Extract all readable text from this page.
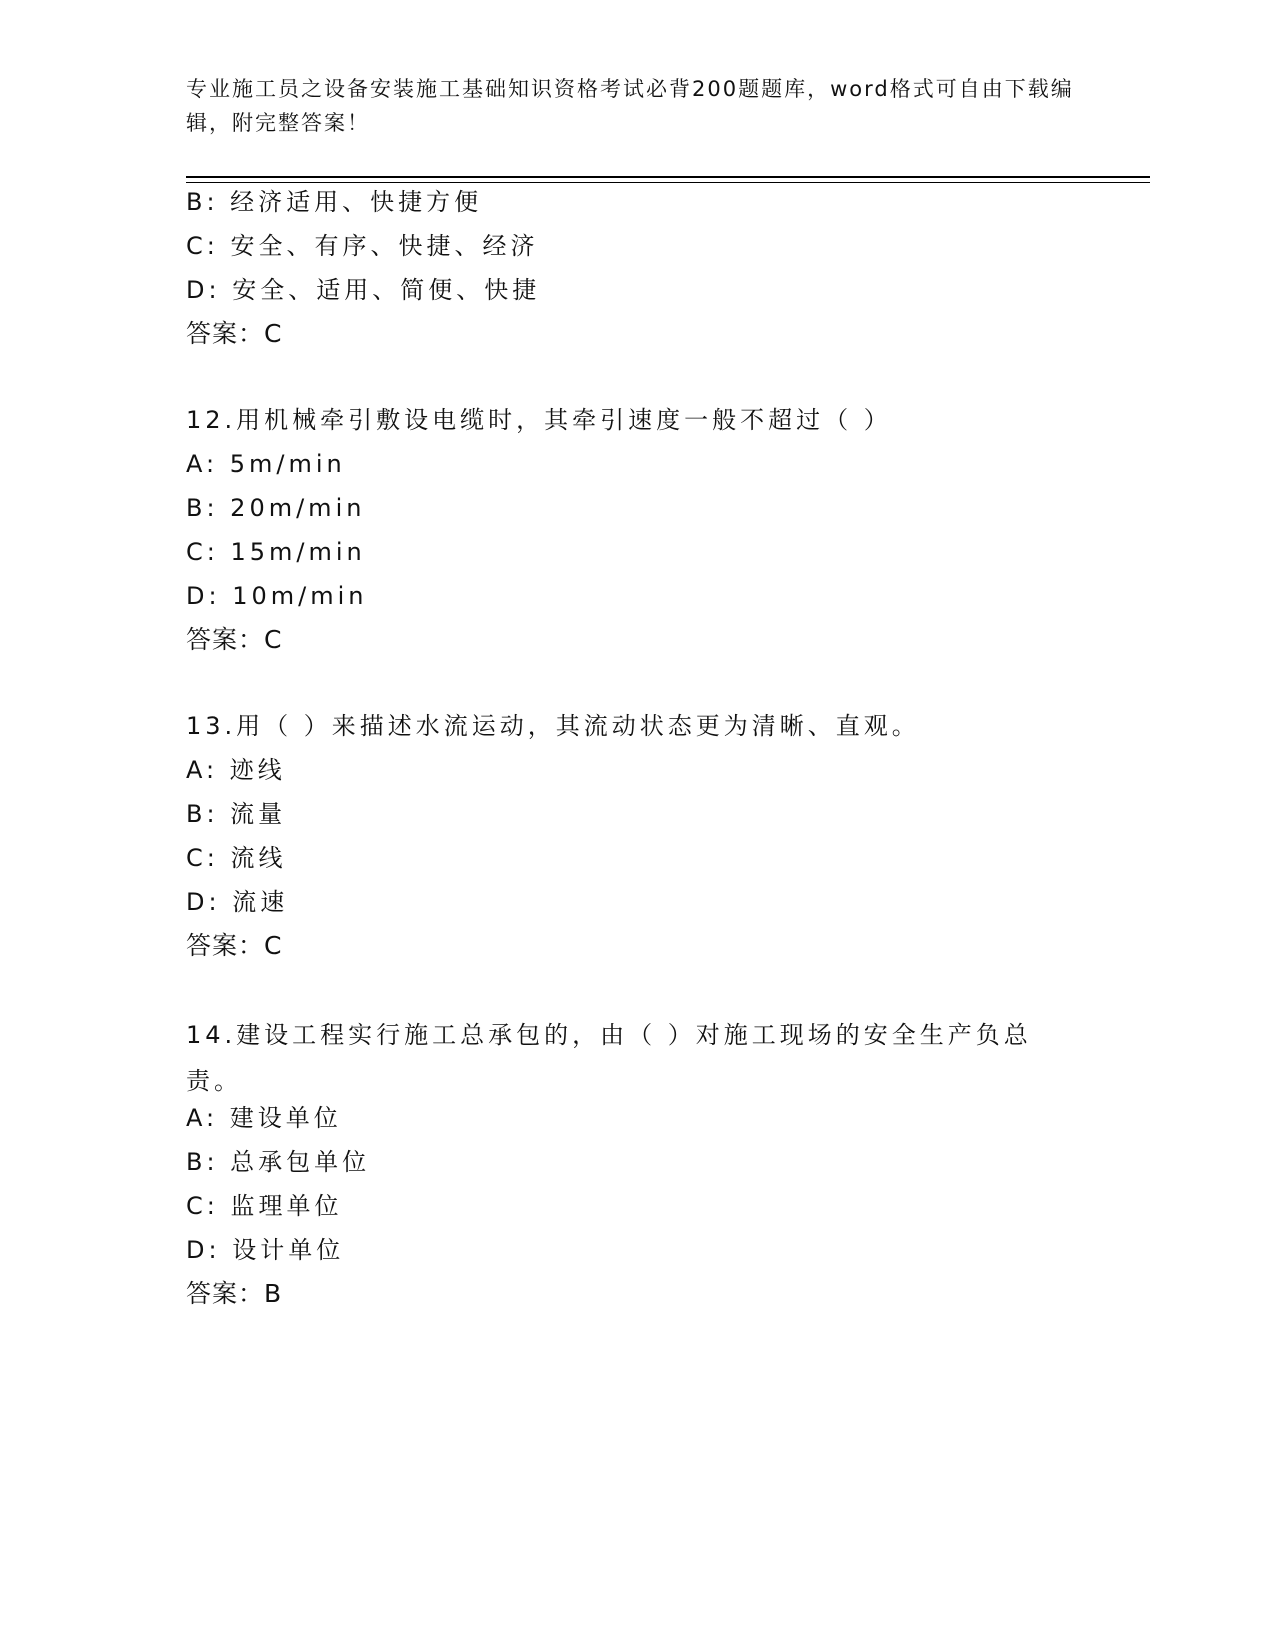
专业施工员之设备安装施工基础知识资格考试必背200题题库，word格式可自由下载编辑，附完整答案！
B: 经济适用、快捷方便
C: 安全、有序、快捷、经济
D: 安全、适用、简便、快捷
答案：C
12.用机械牵引敷设电缆时，其牵引速度一般不超过（ ）
A: 5m/min
B: 20m/min
C: 15m/min
D: 10m/min
答案：C
13.用（ ）来描述水流运动，其流动状态更为清晰、直观。
A: 迹线
B: 流量
C: 流线
D: 流速
答案：C
14.建设工程实行施工总承包的，由（ ）对施工现场的安全生产负总责。
A: 建设单位
B: 总承包单位
C: 监理单位
D: 设计单位
答案：B
